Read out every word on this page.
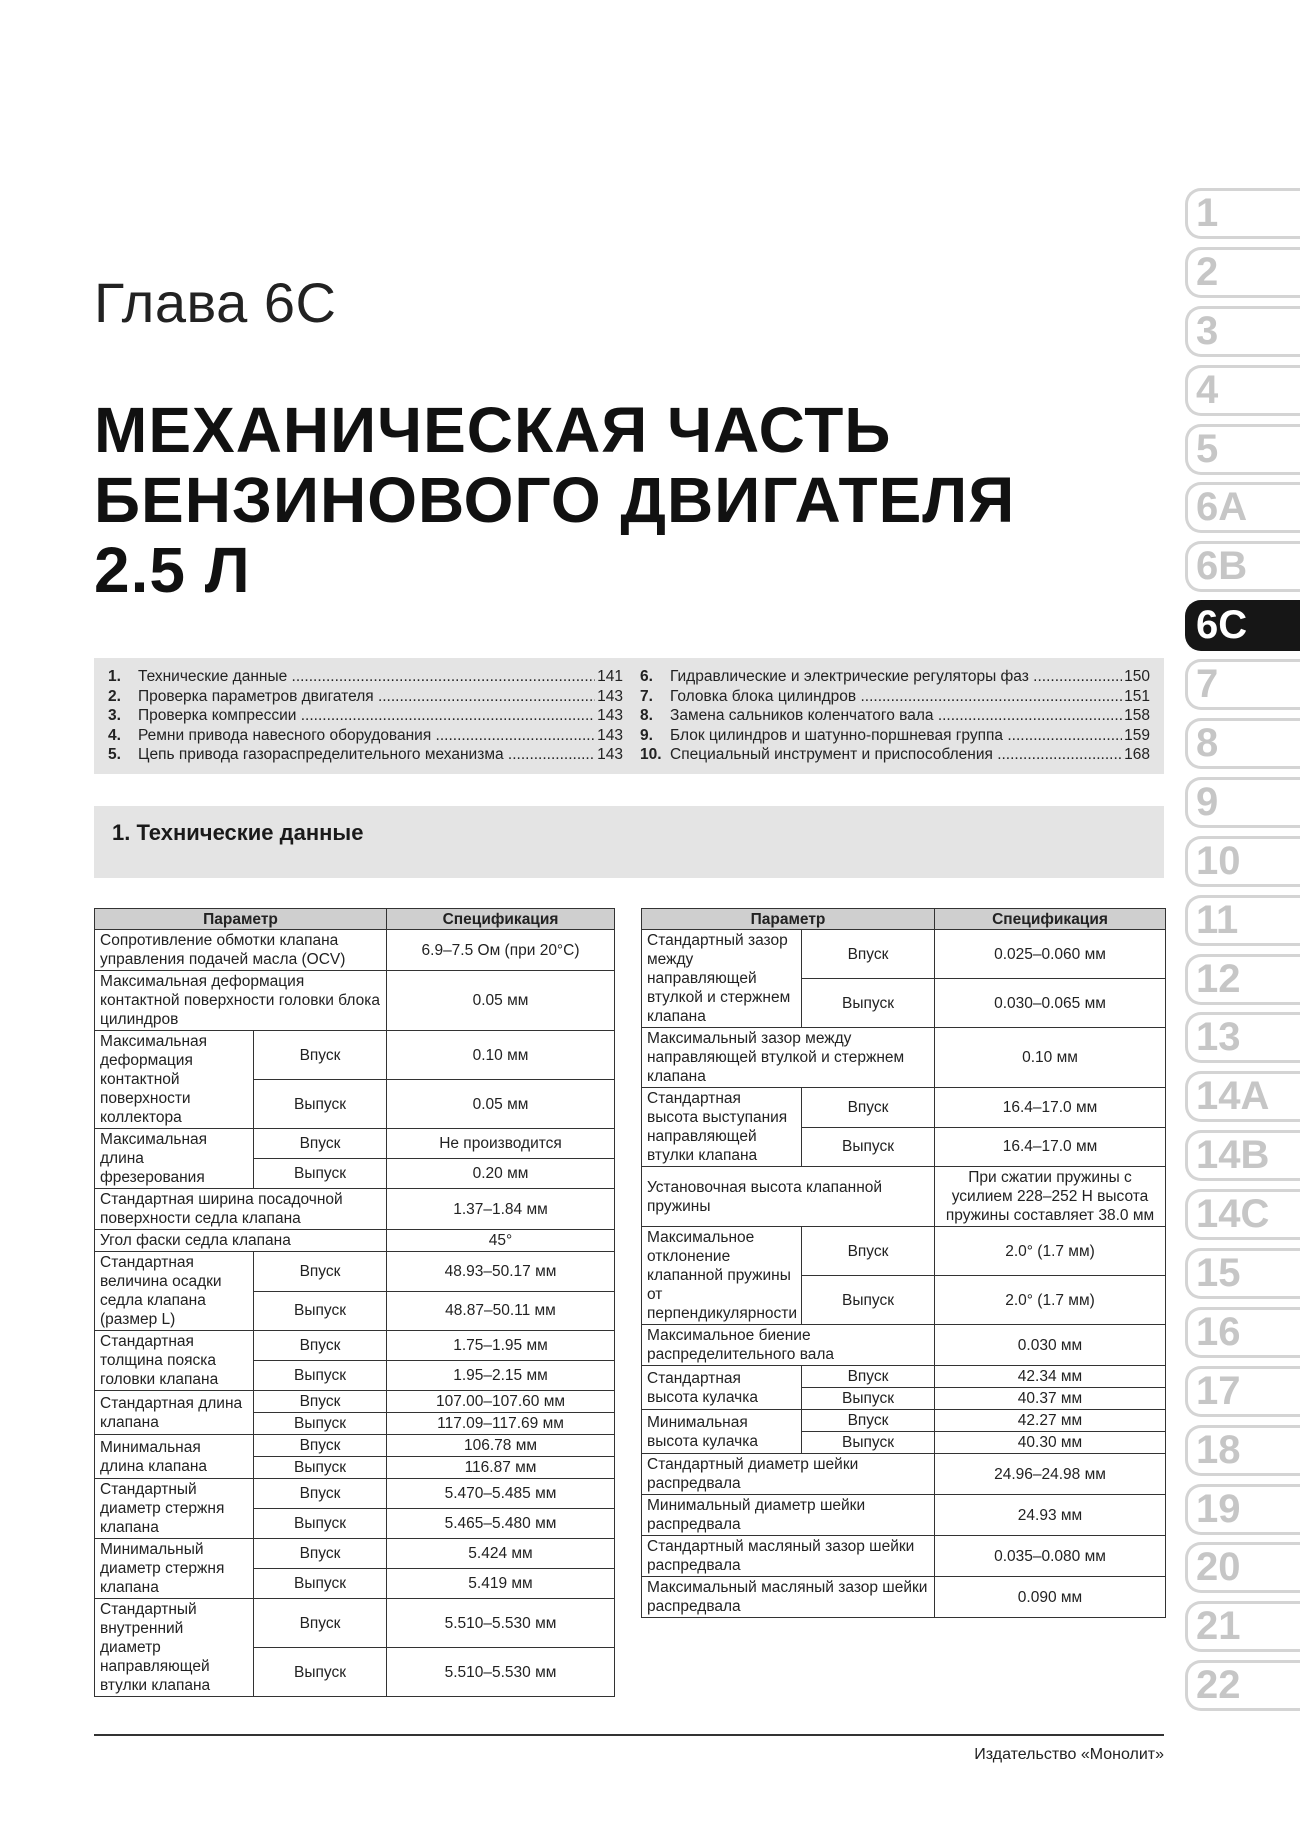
Глава 6С
МЕХАНИЧЕСКАЯ ЧАСТЬ
БЕНЗИНОВОГО ДВИГАТЕЛЯ
2.5 Л
1.	Технические данные .....	141
2.	Проверка параметров двигателя .....	143
3.	Проверка компрессии .....	143
4.	Ремни привода навесного оборудования .....	143
5.	Цепь привода газораспределительного механизма .....	143
6.	Гидравлические и электрические регуляторы фаз .....	150
7.	Головка блока цилиндров .....	151
8.	Замена сальников коленчатого вала .....	158
9.	Блок цилиндров и шатунно-поршневая группа .....	159
10. Специальный инструмент и приспособления .....	168
1. Технические данные
Параметр		Спецификация
Сопротивление обмотки клапана управления подачей масла (OCV)		6.9–7.5 Ом (при 20°С)
Максимальная деформация контактной поверхности головки блока цилиндров		0.05 мм
Максимальная деформация контактной поверхности коллектора	Впуск	0.10 мм
	Выпуск	0.05 мм
Максимальная длина фрезерования	Впуск	Не производится
	Выпуск	0.20 мм
Стандартная ширина посадочной поверхности седла клапана		1.37–1.84 мм
Угол фаски седла клапана		45°
Стандартная величина осадки седла клапана (размер L)	Впуск	48.93–50.17 мм
	Выпуск	48.87–50.11 мм
Стандартная толщина пояска головки клапана	Впуск	1.75–1.95 мм
	Выпуск	1.95–2.15 мм
Стандартная длина клапана	Впуск	107.00–107.60 мм
	Выпуск	117.09–117.69 мм
Минимальная длина клапана	Впуск	106.78 мм
	Выпуск	116.87 мм
Стандартный диаметр стержня клапана	Впуск	5.470–5.485 мм
	Выпуск	5.465–5.480 мм
Минимальный диаметр стержня клапана	Впуск	5.424 мм
	Выпуск	5.419 мм
Стандартный внутренний диаметр направляющей втулки клапана	Впуск	5.510–5.530 мм
	Выпуск	5.510–5.530 мм
Параметр		Спецификация
Стандартный зазор между направляющей втулкой и стержнем клапана	Впуск	0.025–0.060 мм
	Выпуск	0.030–0.065 мм
Максимальный зазор между направляющей втулкой и стержнем клапана		0.10 мм
Стандартная высота выступания направляющей втулки клапана	Впуск	16.4–17.0 мм
	Выпуск	16.4–17.0 мм
Установочная высота клапанной пружины		При сжатии пружины с усилием 228–252 Н высота пружины составляет 38.0 мм
Максимальное отклонение клапанной пружины от перпендикулярности	Впуск	2.0° (1.7 мм)
	Выпуск	2.0° (1.7 мм)
Максимальное биение распределительного вала		0.030 мм
Стандартная высота кулачка	Впуск	42.34 мм
	Выпуск	40.37 мм
Минимальная высота кулачка	Впуск	42.27 мм
	Выпуск	40.30 мм
Стандартный диаметр шейки распредвала		24.96–24.98 мм
Минимальный диаметр шейки распредвала		24.93 мм
Стандартный масляный зазор шейки распредвала		0.035–0.080 мм
Максимальный масляный зазор шейки распредвала		0.090 мм
Издательство «Монолит»
1
2
3
4
5
6A
6B
6C
7
8
9
10
11
12
13
14A
14B
14C
15
16
17
18
19
20
21
22
